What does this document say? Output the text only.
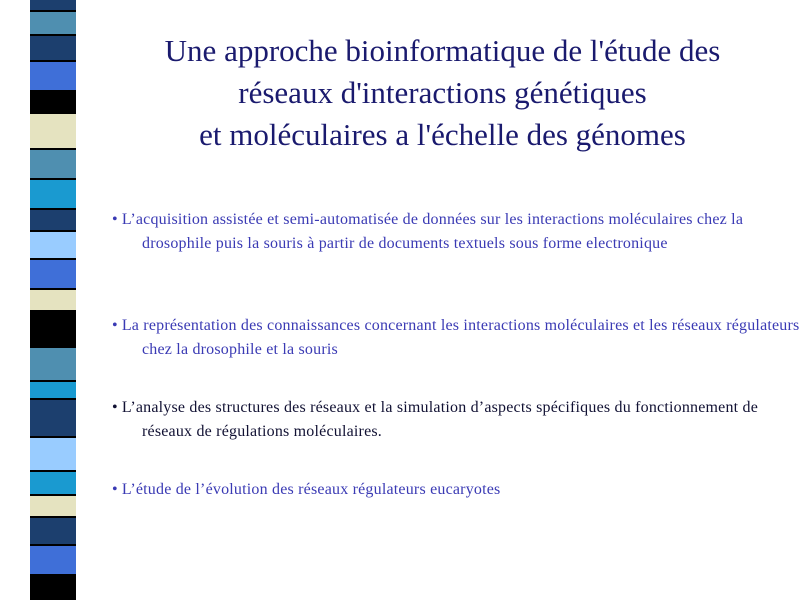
Une approche bioinformatique de l'étude des
réseaux d'interactions génétiques
et moléculaires a l'échelle des génomes
• L’acquisition assistée et semi-automatisée de données sur les interactions moléculaires chez la drosophile puis la souris à partir de documents textuels sous forme electronique
• La représentation des connaissances concernant les interactions moléculaires et les réseaux régulateurs chez la drosophile et la souris
• L’analyse des structures des réseaux et la simulation d’aspects spécifiques du fonctionnement de réseaux de régulations moléculaires.
• L’étude de l’évolution des réseaux régulateurs eucaryotes
